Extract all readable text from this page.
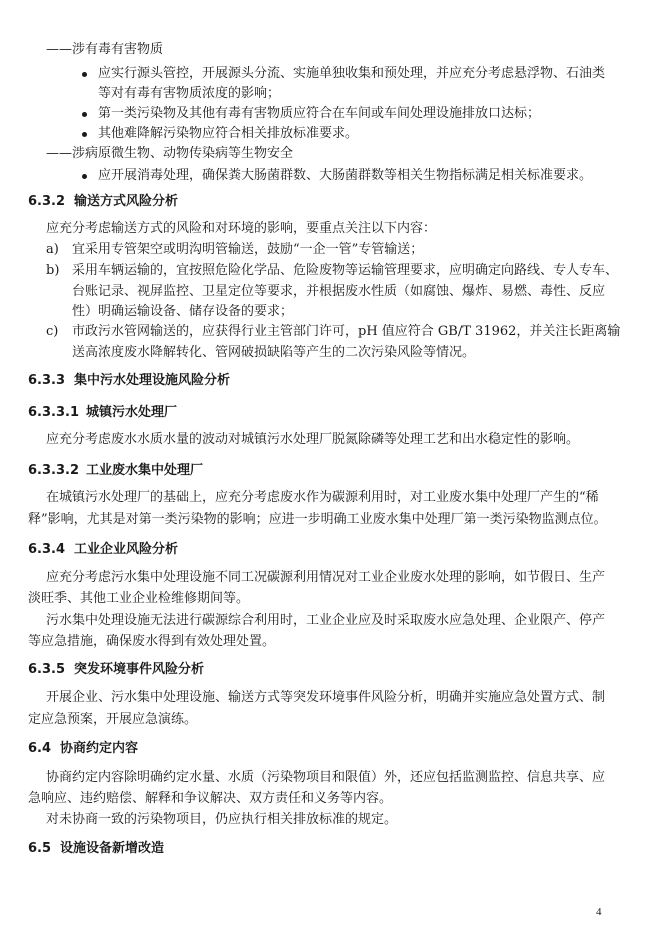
——涉有毒有害物质
应实行源头管控，开展源头分流、实施单独收集和预处理，并应充分考虑悬浮物、石油类
等对有毒有害物质浓度的影响；
第一类污染物及其他有毒有害物质应符合在车间或车间处理设施排放口达标；
其他难降解污染物应符合相关排放标准要求。
——涉病原微生物、动物传染病等生物安全
应开展消毒处理，确保粪大肠菌群数、大肠菌群数等相关生物指标满足相关标准要求。
6.3.2 输送方式风险分析
应充分考虑输送方式的风险和对环境的影响，要重点关注以下内容：
a) 宜采用专管架空或明沟明管输送，鼓励“一企一管”专管输送；
b) 采用车辆运输的，宜按照危险化学品、危险废物等运输管理要求，应明确定向路线、专人专车、
台账记录、视屏监控、卫星定位等要求，并根据废水性质（如腐蚀、爆炸、易燃、毒性、反应
性）明确运输设备、储存设备的要求；
c) 市政污水管网输送的，应获得行业主管部门许可，pH 值应符合 GB/T 31962，并关注长距离输
送高浓度废水降解转化、管网破损缺陷等产生的二次污染风险等情况。
6.3.3 集中污水处理设施风险分析
6.3.3.1 城镇污水处理厂
应充分考虑废水水质水量的波动对城镇污水处理厂脱氮除磷等处理工艺和出水稳定性的影响。
6.3.3.2 工业废水集中处理厂
在城镇污水处理厂的基础上，应充分考虑废水作为碳源利用时，对工业废水集中处理厂产生的“稀
释”影响，尤其是对第一类污染物的影响；应进一步明确工业废水集中处理厂第一类污染物监测点位。
6.3.4 工业企业风险分析
应充分考虑污水集中处理设施不同工况碳源利用情况对工业企业废水处理的影响，如节假日、生产
淡旺季、其他工业企业检维修期间等。
污水集中处理设施无法进行碳源综合利用时，工业企业应及时采取废水应急处理、企业限产、停产
等应急措施，确保废水得到有效处理处置。
6.3.5 突发环境事件风险分析
开展企业、污水集中处理设施、输送方式等突发环境事件风险分析，明确并实施应急处置方式、制
定应急预案，开展应急演练。
6.4 协商约定内容
协商约定内容除明确约定水量、水质（污染物项目和限值）外，还应包括监测监控、信息共享、应
急响应、违约赔偿、解释和争议解决、双方责任和义务等内容。
对未协商一致的污染物项目，仍应执行相关排放标准的规定。
6.5 设施设备新增改造
4
